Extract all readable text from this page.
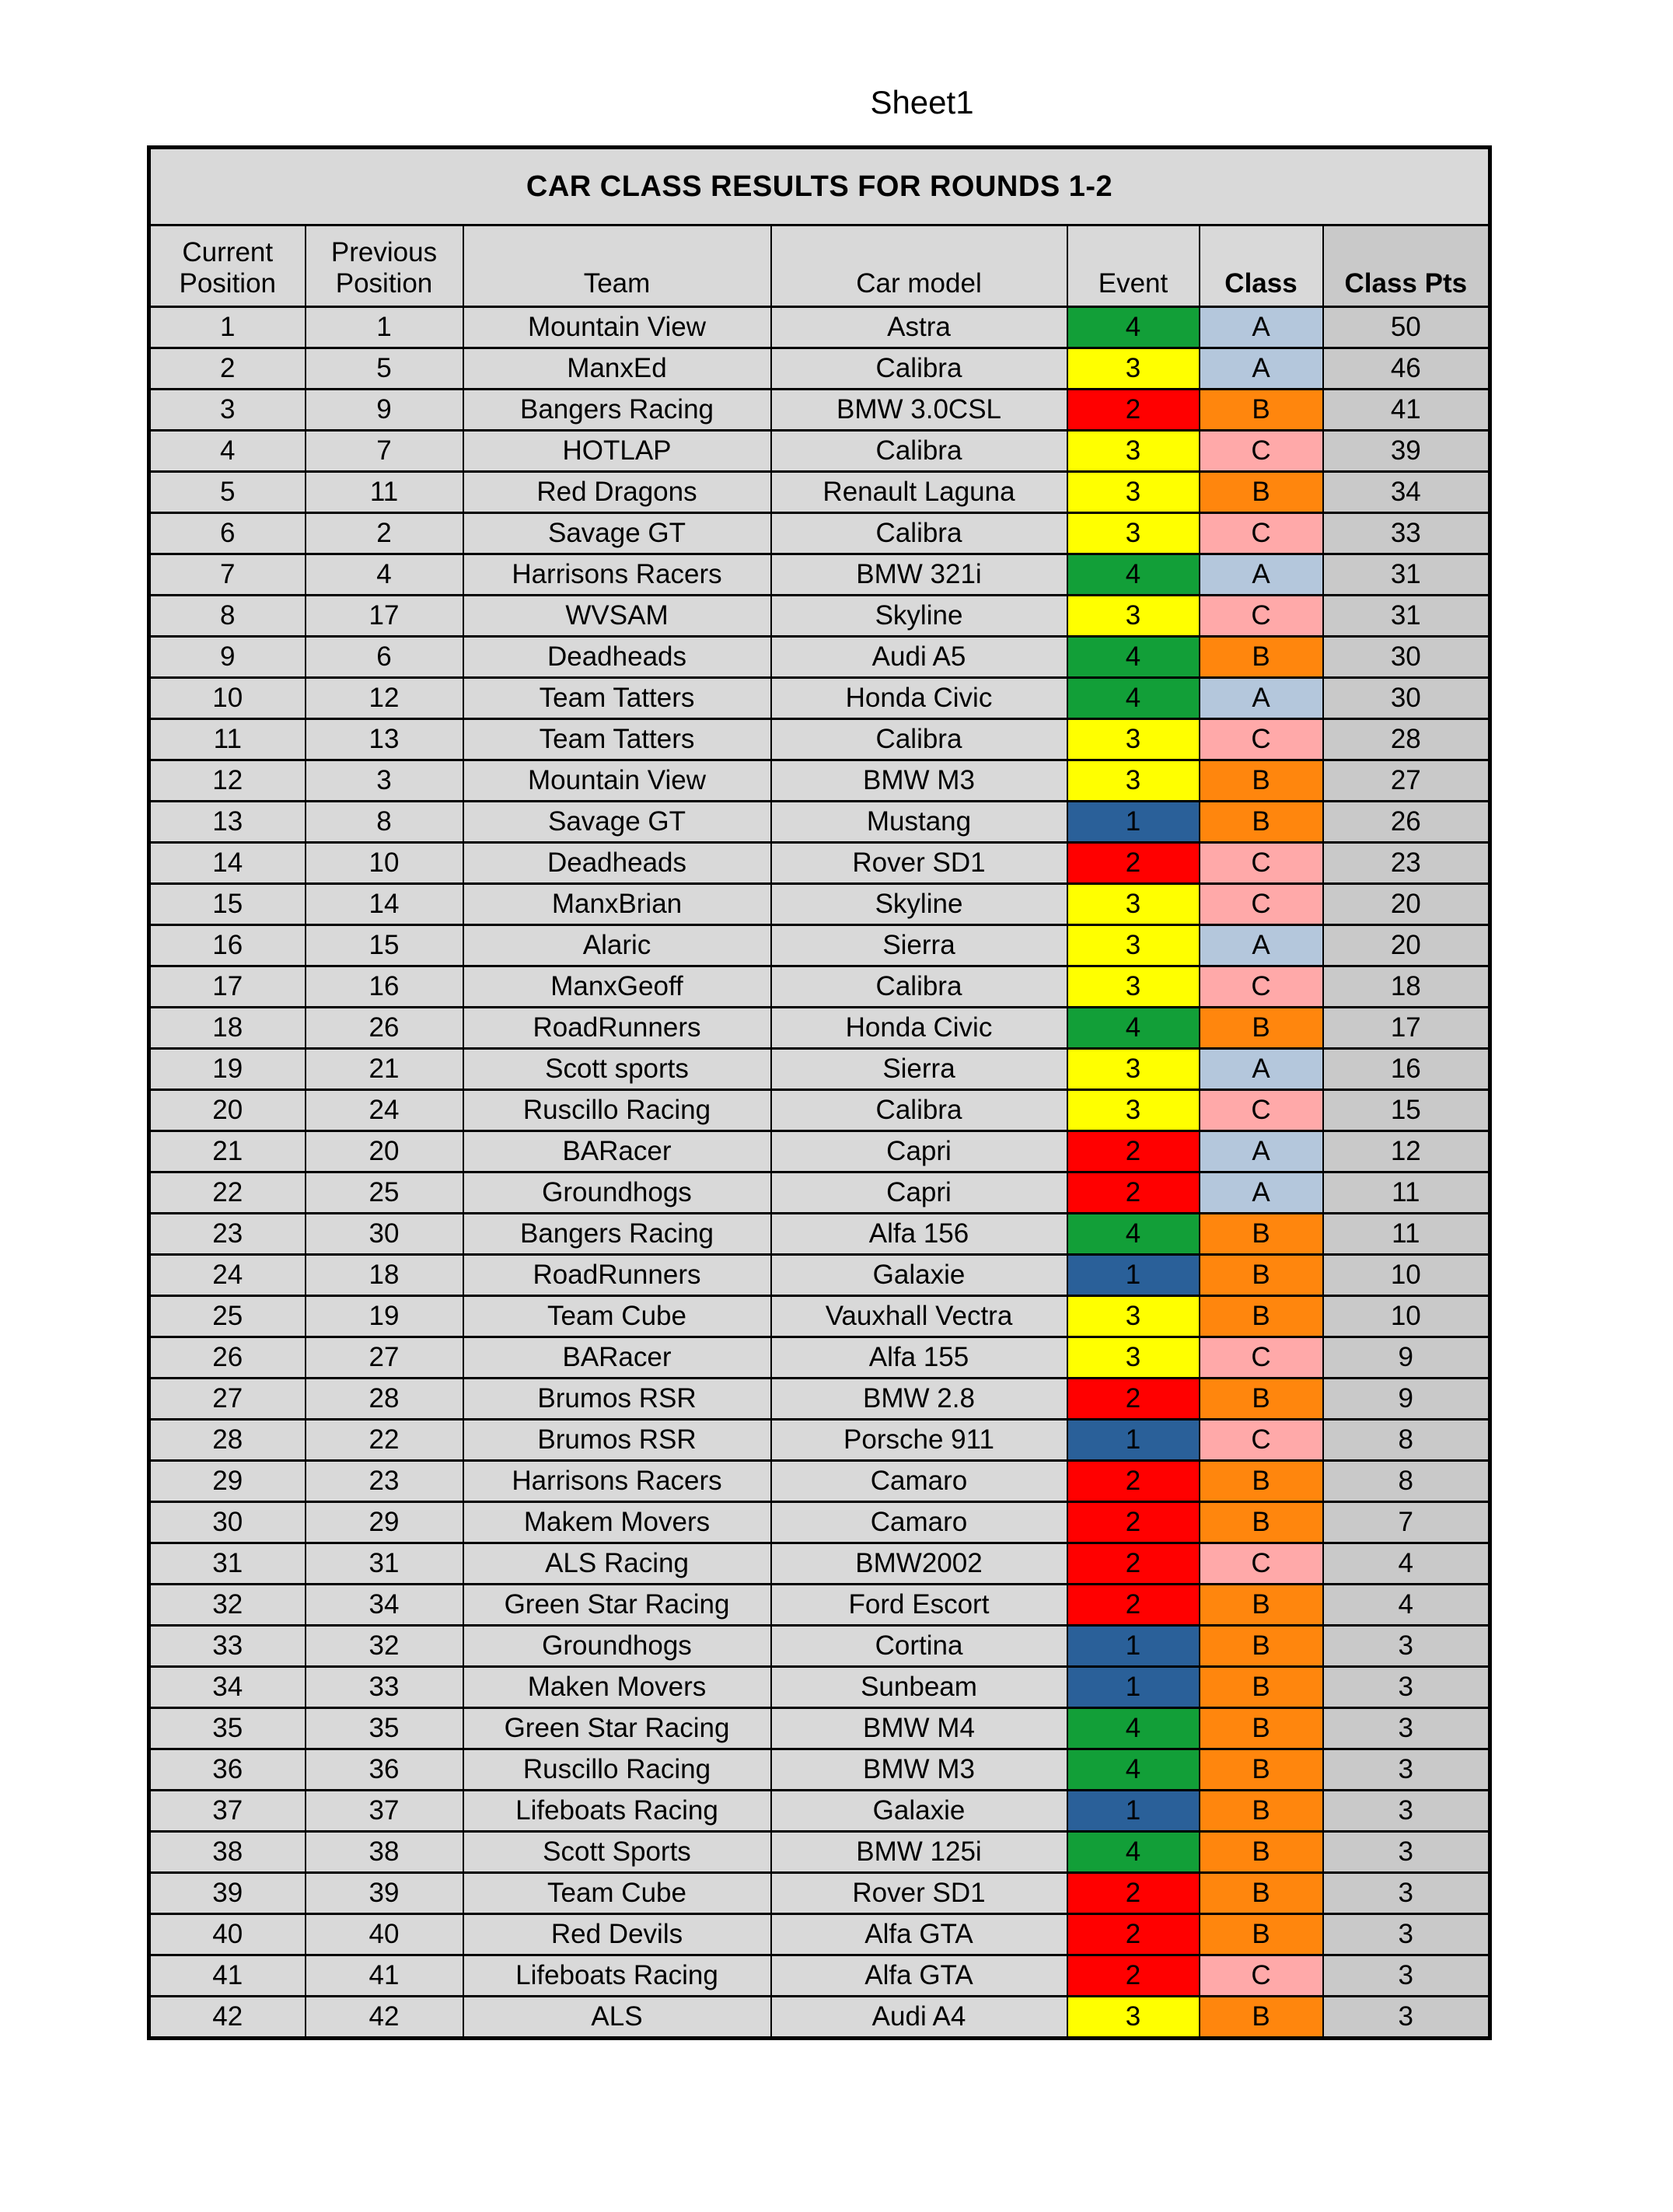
Sheet1
CAR CLASS RESULTS FOR ROUNDS 1-2						
Current Position	Previous Position	Team	Car model	Event	Class	Class Pts
1	1	Mountain View	Astra	4	A	50
2	5	ManxEd	Calibra	3	A	46
3	9	Bangers Racing	BMW 3.0CSL	2	B	41
4	7	HOTLAP	Calibra	3	C	39
5	11	Red Dragons	Renault Laguna	3	B	34
6	2	Savage GT	Calibra	3	C	33
7	4	Harrisons Racers	BMW 321i	4	A	31
8	17	WVSAM	Skyline	3	C	31
9	6	Deadheads	Audi A5	4	B	30
10	12	Team Tatters	Honda Civic	4	A	30
11	13	Team Tatters	Calibra	3	C	28
12	3	Mountain View	BMW M3	3	B	27
13	8	Savage GT	Mustang	1	B	26
14	10	Deadheads	Rover SD1	2	C	23
15	14	ManxBrian	Skyline	3	C	20
16	15	Alaric	Sierra	3	A	20
17	16	ManxGeoff	Calibra	3	C	18
18	26	RoadRunners	Honda Civic	4	B	17
19	21	Scott sports	Sierra	3	A	16
20	24	Ruscillo Racing	Calibra	3	C	15
21	20	BARacer	Capri	2	A	12
22	25	Groundhogs	Capri	2	A	11
23	30	Bangers Racing	Alfa 156	4	B	11
24	18	RoadRunners	Galaxie	1	B	10
25	19	Team Cube	Vauxhall Vectra	3	B	10
26	27	BARacer	Alfa 155	3	C	9
27	28	Brumos RSR	BMW 2.8	2	B	9
28	22	Brumos RSR	Porsche 911	1	C	8
29	23	Harrisons Racers	Camaro	2	B	8
30	29	Makem Movers	Camaro	2	B	7
31	31	ALS Racing	BMW2002	2	C	4
32	34	Green Star Racing	Ford Escort	2	B	4
33	32	Groundhogs	Cortina	1	B	3
34	33	Maken Movers	Sunbeam	1	B	3
35	35	Green Star Racing	BMW M4	4	B	3
36	36	Ruscillo Racing	BMW M3	4	B	3
37	37	Lifeboats Racing	Galaxie	1	B	3
38	38	Scott Sports	BMW 125i	4	B	3
39	39	Team Cube	Rover SD1	2	B	3
40	40	Red Devils	Alfa GTA	2	B	3
41	41	Lifeboats Racing	Alfa GTA	2	C	3
42	42	ALS	Audi A4	3	B	3
